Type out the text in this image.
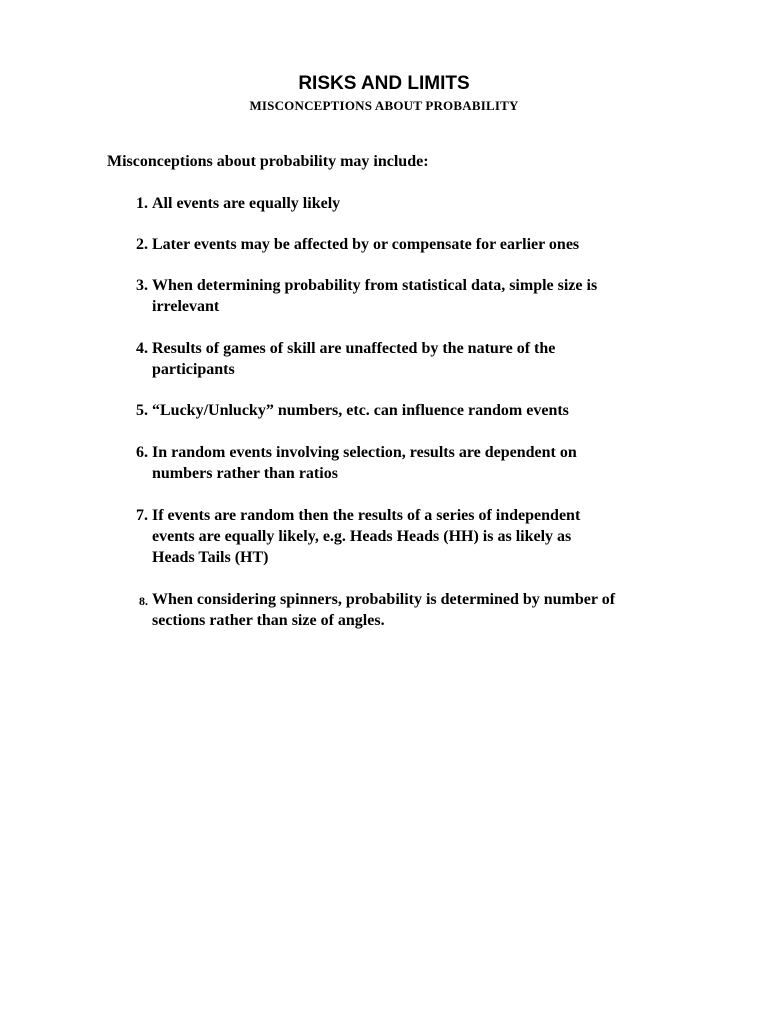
RISKS AND LIMITS
MISCONCEPTIONS ABOUT PROBABILITY
Misconceptions about probability may include:
1. All events are equally likely
2. Later events may be affected by or compensate for earlier ones
3. When determining probability from statistical data, simple size is
irrelevant
4. Results of games of skill are unaffected by the nature of the
participants
5. “Lucky/Unlucky” numbers, etc. can influence random events
6. In random events involving selection, results are dependent on
numbers rather than ratios
7. If events are random then the results of a series of independent
events are equally likely, e.g. Heads Heads (HH) is as likely as
Heads Tails (HT)
8. When considering spinners, probability is determined by number of
sections rather than size of angles.
